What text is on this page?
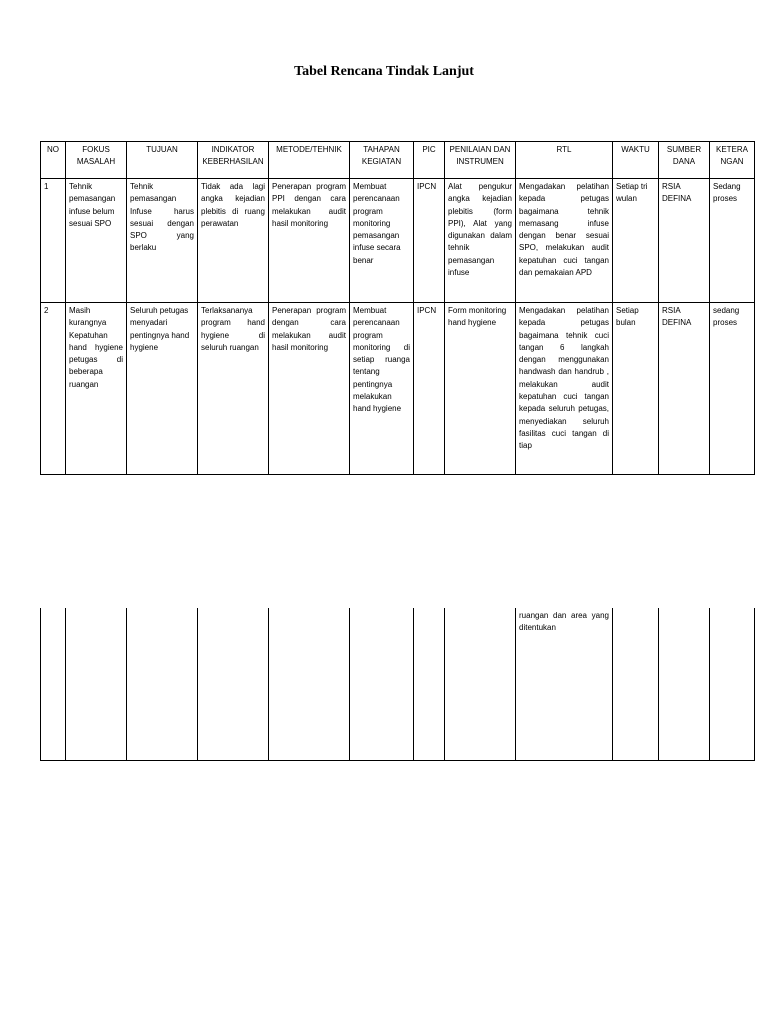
Tabel Rencana Tindak Lanjut
NO	FOKUS MASALAH	TUJUAN	INDIKATOR KEBERHASILAN	METODE/TEHNIK	TAHAPAN KEGIATAN	PIC	PENILAIAN DAN INSTRUMEN	RTL	WAKTU	SUMBER DANA	KETERA NGAN
1	Tehnik pemasangan infuse belum sesuai SPO	Tehnik pemasangan Infuse harus sesuai dengan SPO yang berlaku	Tidak ada lagi angka kejadian plebitis di ruang perawatan	Penerapan program PPI dengan cara melakukan audit hasil monitoring	Membuat perencanaan program monitoring pemasangan infuse secara benar	IPCN	Alat pengukur angka kejadian plebitis (form PPI), Alat yang digunakan dalam tehnik pemasangan infuse	Mengadakan pelatihan kepada petugas bagaimana tehnik memasang infuse dengan benar sesuai SPO, melakukan audit kepatuhan cuci tangan dan pemakaian APD	Setiap tri wulan	RSIA DEFINA	Sedang proses
2	Masih kurangnya Kepatuhan hand hygiene petugas di beberapa ruangan	Seluruh petugas menyadari pentingnya hand hygiene	Terlaksananya program hand hygiene di seluruh ruangan	Penerapan program dengan cara melakukan audit hasil monitoring	Membuat perencanaan program monitoring di setiap ruanga tentang pentingnya melakukan hand hygiene	IPCN	Form monitoring hand hygiene	Mengadakan pelatihan kepada petugas bagaimana tehnik cuci tangan 6 langkah dengan menggunakan handwash dan handrub , melakukan audit kepatuhan cuci tangan kepada seluruh petugas, menyediakan seluruh fasilitas cuci tangan di tiap	Setiap bulan	RSIA DEFINA	sedang proses
								ruangan dan area yang ditentukan			
